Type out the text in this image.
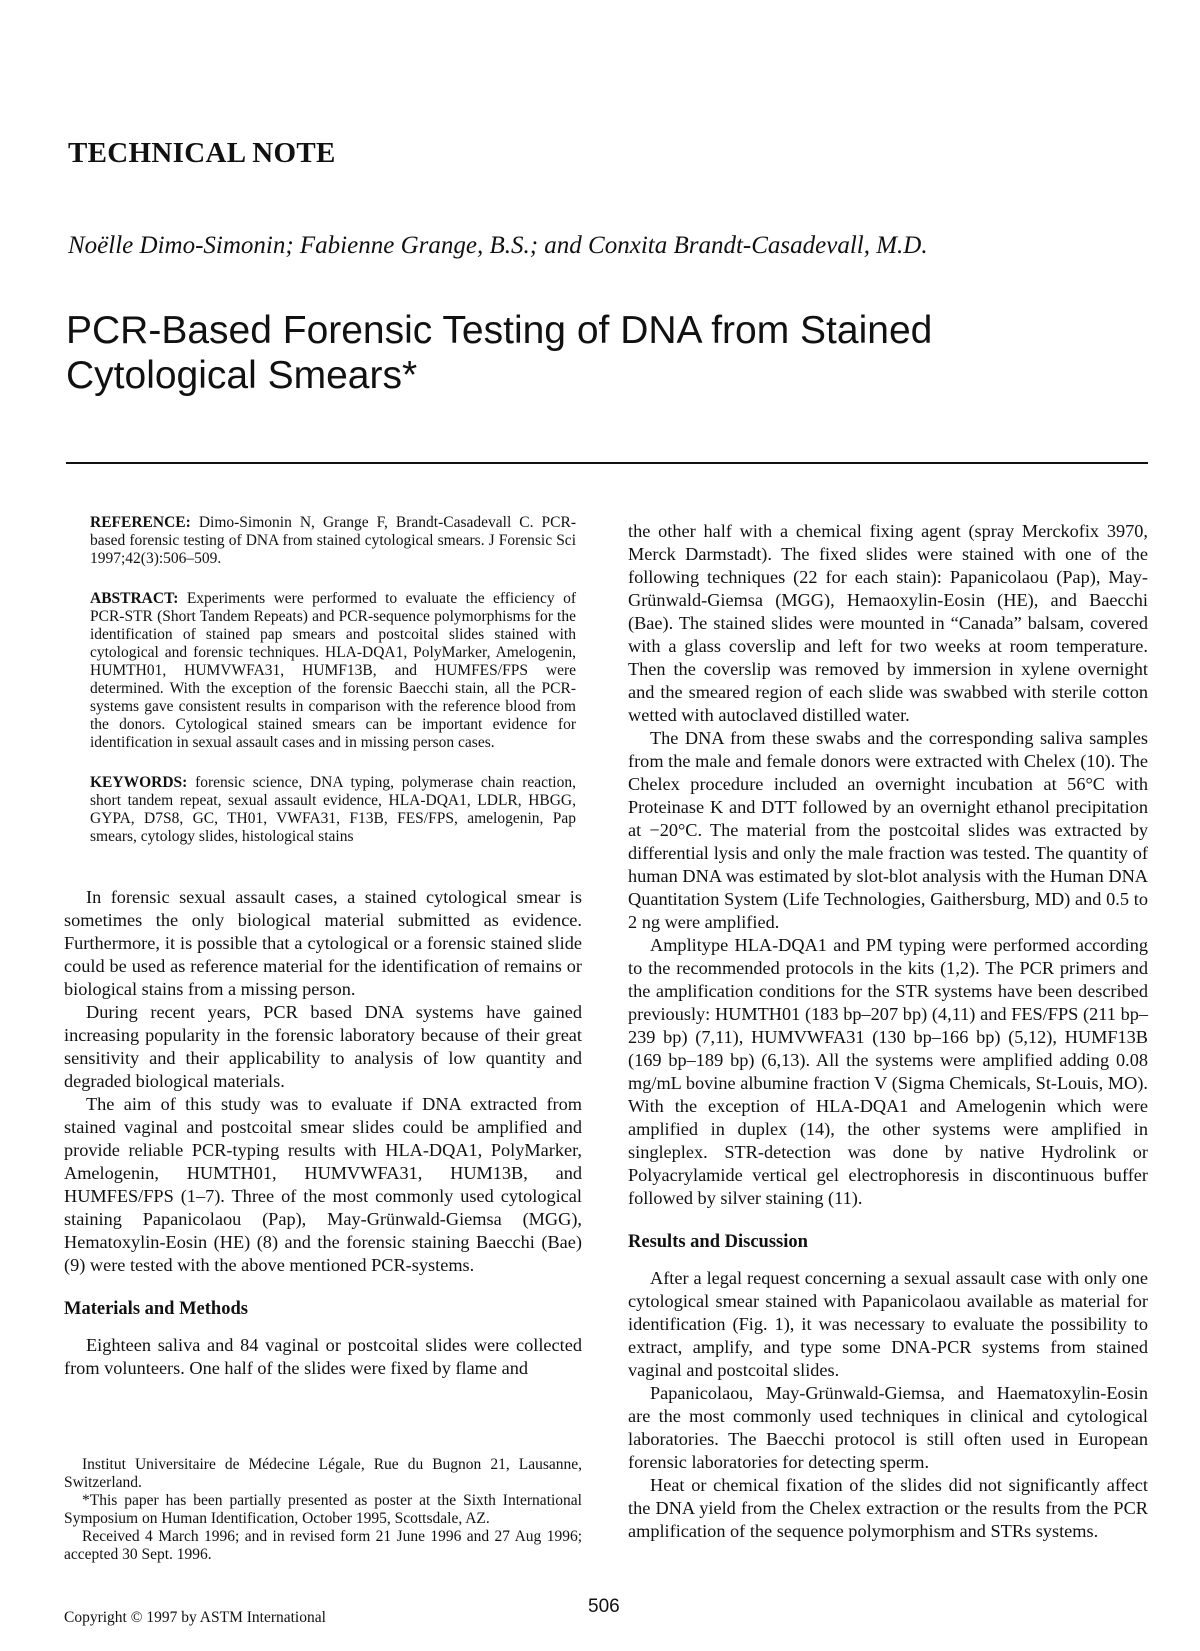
TECHNICAL NOTE
Noëlle Dimo-Simonin; Fabienne Grange, B.S.; and Conxita Brandt-Casadevall, M.D.
PCR-Based Forensic Testing of DNA from Stained
Cytological Smears*

REFERENCE: Dimo-Simonin N, Grange F, Brandt-Casadevall C. PCR-based forensic testing of DNA from stained cytological smears. J Forensic Sci 1997;42(3):506–509.

ABSTRACT: Experiments were performed to evaluate the efficiency of PCR-STR (Short Tandem Repeats) and PCR-sequence polymorphisms for the identification of stained pap smears and postcoital slides stained with cytological and forensic techniques. HLA-DQA1, PolyMarker, Amelogenin, HUMTH01, HUMVWFA31, HUMF13B, and HUMFES/FPS were determined. With the exception of the forensic Baecchi stain, all the PCR-systems gave consistent results in comparison with the reference blood from the donors. Cytological stained smears can be important evidence for identification in sexual assault cases and in missing person cases.

KEYWORDS: forensic science, DNA typing, polymerase chain reaction, short tandem repeat, sexual assault evidence, HLA-DQA1, LDLR, HBGG, GYPA, D7S8, GC, TH01, VWFA31, F13B, FES/FPS, amelogenin, Pap smears, cytology slides, histological stains

In forensic sexual assault cases, a stained cytological smear is sometimes the only biological material submitted as evidence. Furthermore, it is possible that a cytological or a forensic stained slide could be used as reference material for the identification of remains or biological stains from a missing person.

During recent years, PCR based DNA systems have gained increasing popularity in the forensic laboratory because of their great sensitivity and their applicability to analysis of low quantity and degraded biological materials.

The aim of this study was to evaluate if DNA extracted from stained vaginal and postcoital smear slides could be amplified and provide reliable PCR-typing results with HLA-DQA1, PolyMarker, Amelogenin, HUMTH01, HUMVWFA31, HUM13B, and HUMFES/FPS (1–7). Three of the most commonly used cytological staining Papanicolaou (Pap), May-Grünwald-Giemsa (MGG), Hematoxylin-Eosin (HE) (8) and the forensic staining Baecchi (Bae) (9) were tested with the above mentioned PCR-systems.

Materials and Methods

Eighteen saliva and 84 vaginal or postcoital slides were collected from volunteers. One half of the slides were fixed by flame and

Institut Universitaire de Médecine Légale, Rue du Bugnon 21, Lausanne, Switzerland.

*This paper has been partially presented as poster at the Sixth International Symposium on Human Identification, October 1995, Scottsdale, AZ.

Received 4 March 1996; and in revised form 21 June 1996 and 27 Aug 1996; accepted 30 Sept. 1996.

the other half with a chemical fixing agent (spray Merckofix 3970, Merck Darmstadt). The fixed slides were stained with one of the following techniques (22 for each stain): Papanicolaou (Pap), May-Grünwald-Giemsa (MGG), Hemaoxylin-Eosin (HE), and Baecchi (Bae). The stained slides were mounted in “Canada” balsam, covered with a glass coverslip and left for two weeks at room temperature. Then the coverslip was removed by immersion in xylene overnight and the smeared region of each slide was swabbed with sterile cotton wetted with autoclaved distilled water.

The DNA from these swabs and the corresponding saliva samples from the male and female donors were extracted with Chelex (10). The Chelex procedure included an overnight incubation at 56°C with Proteinase K and DTT followed by an overnight ethanol precipitation at −20°C. The material from the postcoital slides was extracted by differential lysis and only the male fraction was tested. The quantity of human DNA was estimated by slot-blot analysis with the Human DNA Quantitation System (Life Technologies, Gaithersburg, MD) and 0.5 to 2 ng were amplified.

Amplitype HLA-DQA1 and PM typing were performed according to the recommended protocols in the kits (1,2). The PCR primers and the amplification conditions for the STR systems have been described previously: HUMTH01 (183 bp–207 bp) (4,11) and FES/FPS (211 bp–239 bp) (7,11), HUMVWFA31 (130 bp–166 bp) (5,12), HUMF13B (169 bp–189 bp) (6,13). All the systems were amplified adding 0.08 mg/mL bovine albumine fraction V (Sigma Chemicals, St-Louis, MO). With the exception of HLA-DQA1 and Amelogenin which were amplified in duplex (14), the other systems were amplified in singleplex. STR-detection was done by native Hydrolink or Polyacrylamide vertical gel electrophoresis in discontinuous buffer followed by silver staining (11).

Results and Discussion

After a legal request concerning a sexual assault case with only one cytological smear stained with Papanicolaou available as material for identification (Fig. 1), it was necessary to evaluate the possibility to extract, amplify, and type some DNA-PCR systems from stained vaginal and postcoital slides.

Papanicolaou, May-Grünwald-Giemsa, and Haematoxylin-Eosin are the most commonly used techniques in clinical and cytological laboratories. The Baecchi protocol is still often used in European forensic laboratories for detecting sperm.

Heat or chemical fixation of the slides did not significantly affect the DNA yield from the Chelex extraction or the results from the PCR amplification of the sequence polymorphism and STRs systems.

506
Copyright © 1997 by ASTM International
